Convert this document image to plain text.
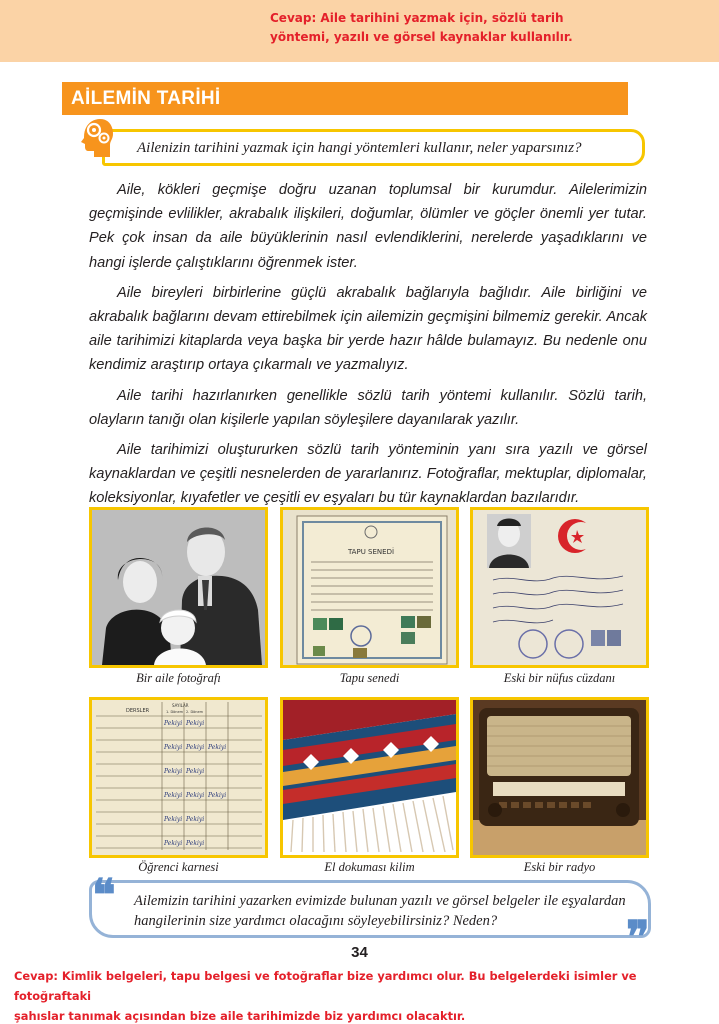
Cevap: Aile tarihini yazmak için, sözlü tarih
yöntemi, yazılı ve görsel kaynaklar kullanılır.
AİLEMİN TARİHİ
Ailenizin tarihini yazmak için hangi yöntemleri kullanır, neler yaparsınız?

Aile, kökleri geçmişe doğru uzanan toplumsal bir kurumdur. Ailelerimizin geçmişinde evlilikler, akrabalık ilişkileri, doğumlar, ölümler ve göçler önemli yer tutar. Pek çok insan da aile büyüklerinin nasıl evlendiklerini, nerelerde yaşadıklarını ve hangi işlerde çalıştıklarını öğrenmek ister.

Aile bireyleri birbirlerine güçlü akrabalık bağlarıyla bağlıdır. Aile birliğini ve akrabalık bağlarını devam ettirebilmek için ailemizin geçmişini bilmemiz gerekir. Ancak aile tarihimizi kitaplarda veya başka bir yerde hazır hâlde bulamayız. Bu nedenle onu kendimiz araştırıp ortaya çıkarmalı ve yazmalıyız.

Aile tarihi hazırlanırken genellikle sözlü tarih yöntemi kullanılır. Sözlü tarih, olayların tanığı olan kişilerle yapılan söyleşilere dayanılarak yazılır.

Aile tarihimizi oluştururken sözlü tarih yönteminin yanı sıra yazılı ve görsel kaynaklardan ve çeşitli nesnelerden de yararlanırız. Fotoğraflar, mektuplar, diplomalar, koleksiyonlar, kıyafetler ve çeşitli ev eşyaları bu tür kaynaklardan bazılarıdır.

Bir aile fotoğrafı
TAPU SENEDİ
Tapu senedi	Eski bir nüfus cüzdanı
DERSLER
SAYILAR
1. Dönem 2. Dönem
Pekiyi Pekiyi
Pekiyi Pekiyi Pekiyi
Pekiyi Pekiyi
Pekiyi Pekiyi Pekiyi
Pekiyi Pekiyi
Pekiyi Pekiyi
Öğrenci karnesi	El dokuması kilim	Eski bir radyo
Ailemizin tarihini yazarken evimizde bulunan yazılı ve görsel belgeler ile eşyalardan hangilerinin size yardımcı olacağını söyleyebilirsiniz? Neden?
❝
❞
34
Cevap: Kimlik belgeleri, tapu belgesi ve fotoğraflar bize yardımcı olur. Bu belgelerdeki isimler ve fotoğraftaki
şahıslar tanımak açısından bize aile tarihimizde biz yardımcı olacaktır.
